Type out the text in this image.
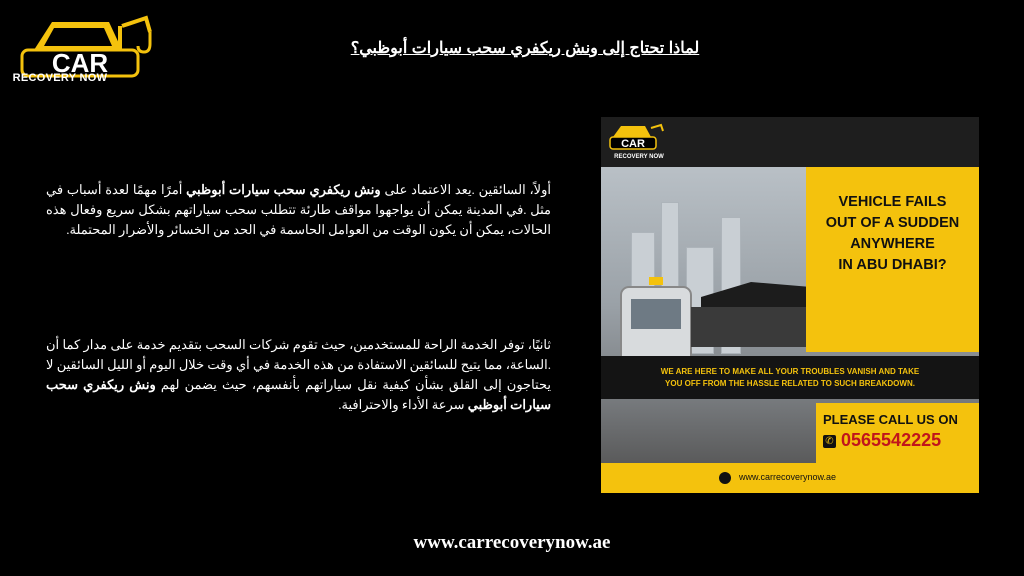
CAR
RECOVERY NOW
لماذا تحتاج إلى ونش ريكفري سحب سيارات أبوظبي؟
أولاً، السائقين .يعد الاعتماد على ونش ريكفري سحب سيارات أبوظبي أمرًا مهمًا لعدة أسباب في مثل .في المدينة يمكن أن يواجهوا مواقف طارئة تتطلب سحب سياراتهم بشكل سريع وفعال هذه الحالات، يمكن أن يكون الوقت من العوامل الحاسمة في الحد من الخسائر والأضرار المحتملة.
ثانيًا، توفر الخدمة الراحة للمستخدمين، حيث تقوم شركات السحب بتقديم خدمة على مدار كما أن .الساعة، مما يتيح للسائقين الاستفادة من هذه الخدمة في أي وقت خلال اليوم أو الليل السائقين لا يحتاجون إلى القلق بشأن كيفية نقل سياراتهم بأنفسهم، حيث يضمن لهم ونش ريكفري سحب سيارات أبوظبي سرعة الأداء والاحترافية.
CAR
RECOVERY NOW
VEHICLE FAILS
OUT OF A SUDDEN
ANYWHERE
IN ABU DHABI?
WE ARE HERE TO MAKE ALL YOUR TROUBLES VANISH AND TAKE
YOU OFF FROM THE HASSLE RELATED TO SUCH BREAKDOWN.
PLEASE CALL US ON
✆ 0565542225
www.carrecoverynow.ae
www.carrecoverynow.ae
